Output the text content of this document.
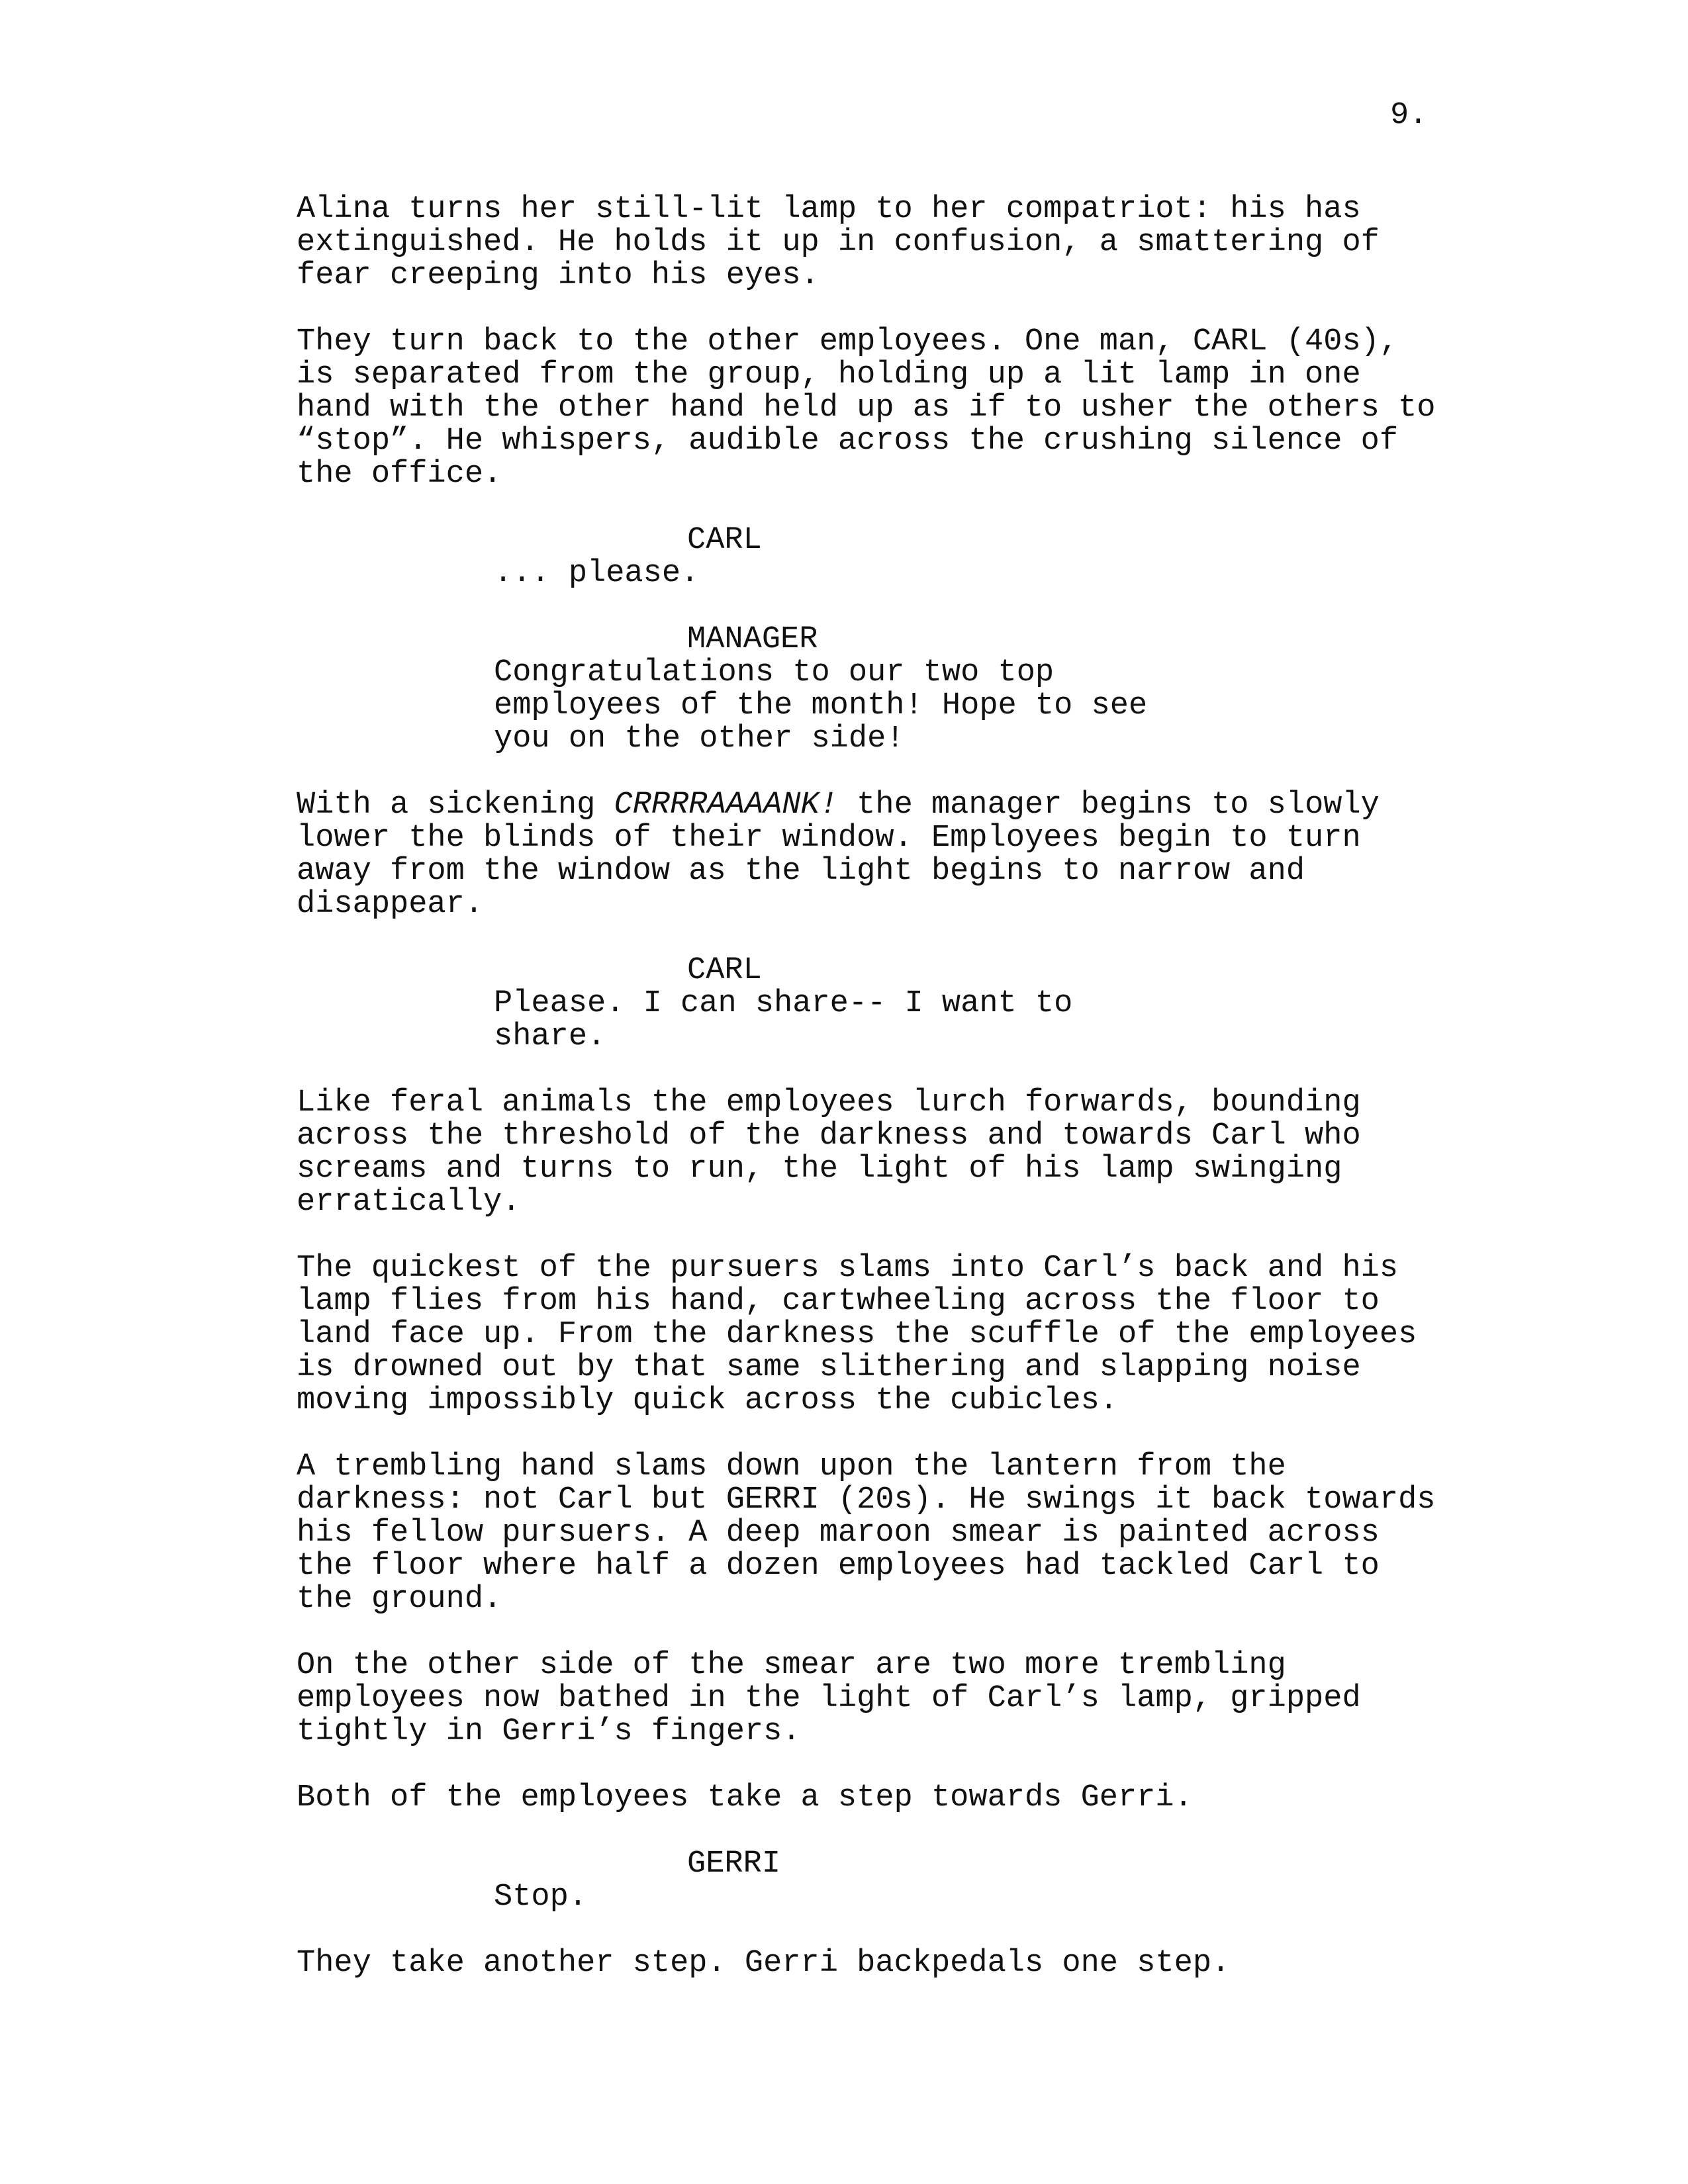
9.
Alina turns her still-lit lamp to her compatriot: his has
extinguished. He holds it up in confusion, a smattering of
fear creeping into his eyes.
They turn back to the other employees. One man, CARL (40s),
is separated from the group, holding up a lit lamp in one
hand with the other hand held up as if to usher the others to
“stop”. He whispers, audible across the crushing silence of
the office.
CARL
... please.
MANAGER
Congratulations to our two top
employees of the month! Hope to see
you on the other side!
With a sickening CRRRRAAAANK! the manager begins to slowly
lower the blinds of their window. Employees begin to turn
away from the window as the light begins to narrow and
disappear.
CARL
Please. I can share-- I want to
share.
Like feral animals the employees lurch forwards, bounding
across the threshold of the darkness and towards Carl who
screams and turns to run, the light of his lamp swinging
erratically.
The quickest of the pursuers slams into Carl’s back and his
lamp flies from his hand, cartwheeling across the floor to
land face up. From the darkness the scuffle of the employees
is drowned out by that same slithering and slapping noise
moving impossibly quick across the cubicles.
A trembling hand slams down upon the lantern from the
darkness: not Carl but GERRI (20s). He swings it back towards
his fellow pursuers. A deep maroon smear is painted across
the floor where half a dozen employees had tackled Carl to
the ground.
On the other side of the smear are two more trembling
employees now bathed in the light of Carl’s lamp, gripped
tightly in Gerri’s fingers.
Both of the employees take a step towards Gerri.
GERRI
Stop.
They take another step. Gerri backpedals one step.
